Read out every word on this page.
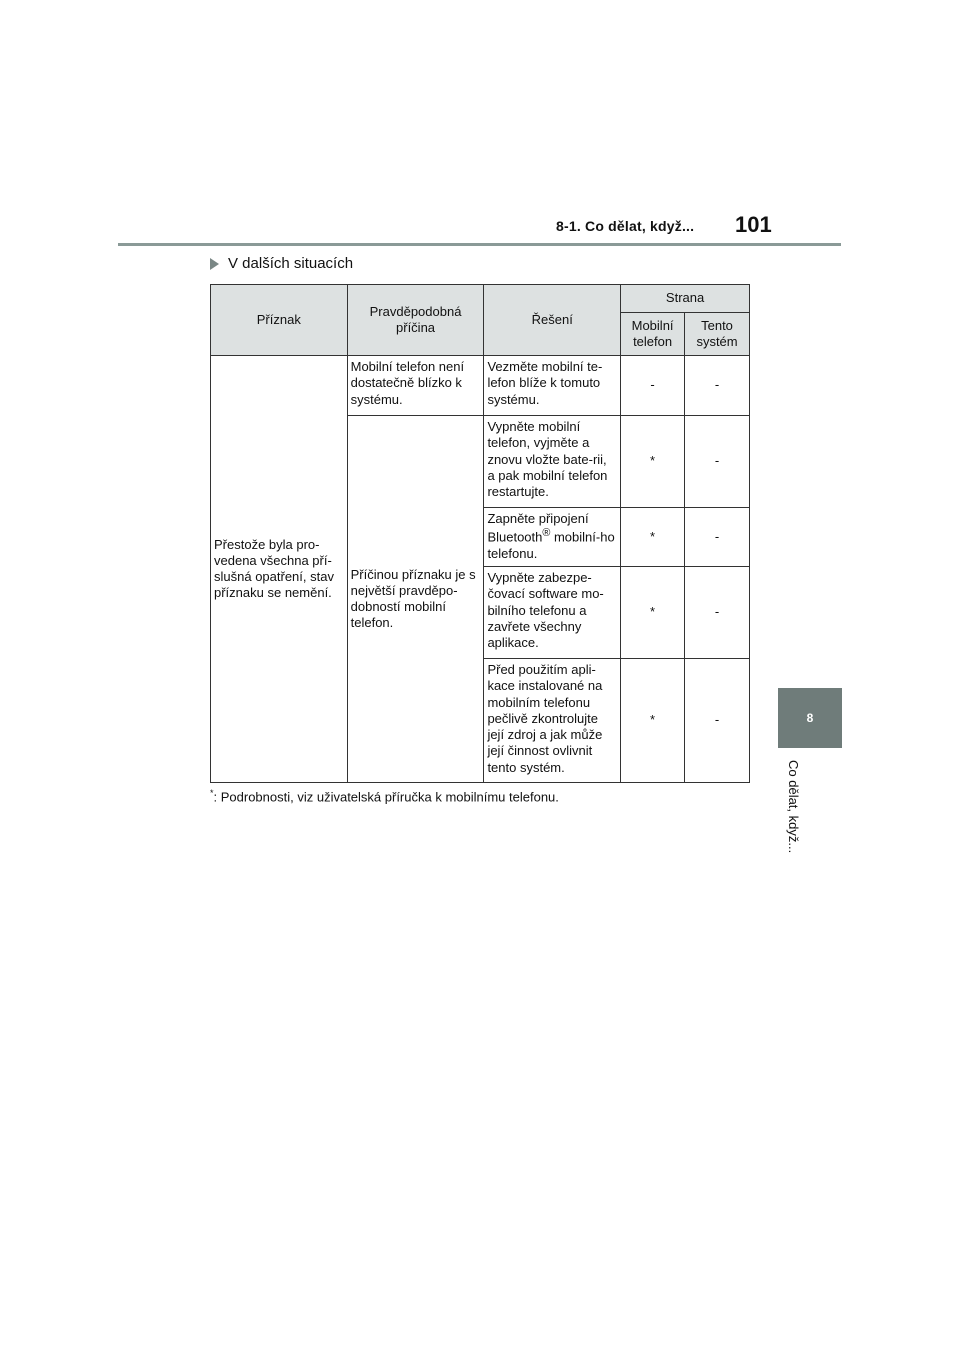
8-1. Co dělat, když... 101
8
Co dělat, když...
V dalších situacích
Příznak	Pravděpodobná příčina	Řešení	Strana	

			Mobilní telefon	Tento systém

Přestože byla pro-vedena všechna pří-slušná opatření, stav příznaku se nemění.	Mobilní telefon není dostatečně blízko k systému.	Vezměte mobilní te-lefon blíže k tomuto systému.	-	-

	Příčinou příznaku je s největší pravděpo-dobností mobilní telefon.	Vypněte mobilní telefon, vyjměte a znovu vložte bate-rii, a pak mobilní telefon restartujte.	*	-

		Zapněte připojení Bluetooth® mobilní-ho telefonu.	*	-

		Vypněte zabezpe-čovací software mo-bilního telefonu a zavřete všechny aplikace.	*	-

		Před použitím apli-kace instalované na mobilním telefonu pečlivě zkontrolujte její zdroj a jak může její činnost ovlivnit tento systém.	*	-
*: Podrobnosti, viz uživatelská příručka k mobilnímu telefonu.
